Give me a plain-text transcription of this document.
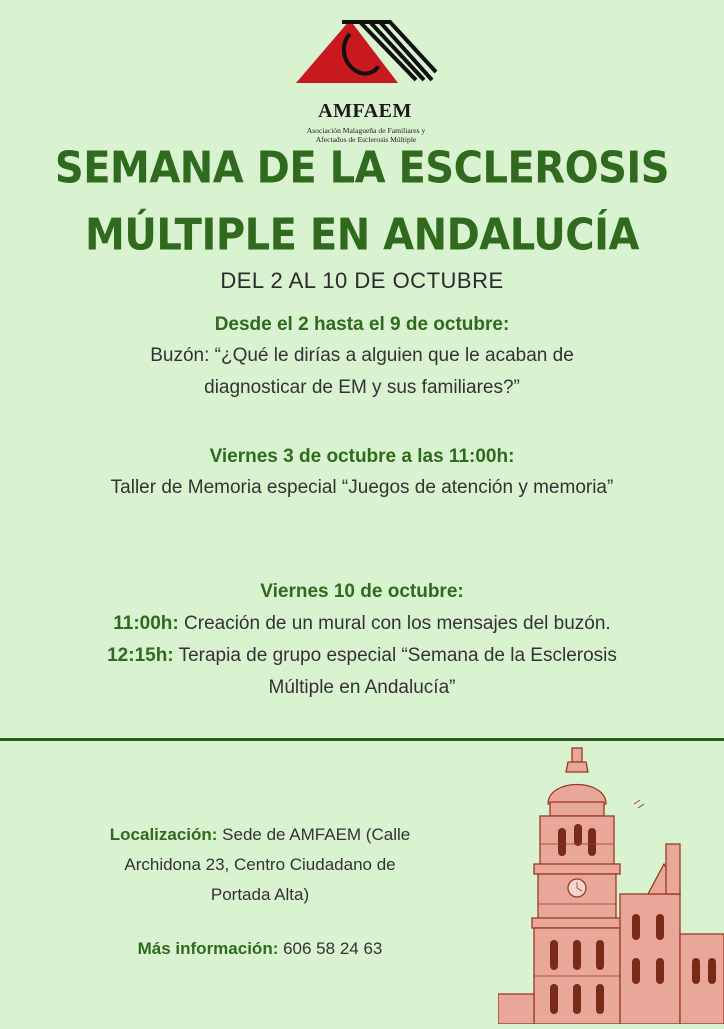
AMFAEM
Asociación Malagueña de Familiares y
Afectados de Esclerosis Múltiple
SEMANA DE LA ESCLEROSIS
MÚLTIPLE EN ANDALUCÍA
DEL 2 AL 10 DE OCTUBRE
Desde el 2 hasta el 9 de octubre:
Buzón: “¿Qué le dirías a alguien que le acaban de
diagnosticar de EM y sus familiares?”
Viernes 3 de octubre a las 11:00h:
Taller de Memoria especial “Juegos de atención y memoria”
Viernes 10 de octubre:
11:00h: Creación de un mural con los mensajes del buzón.
12:15h: Terapia de grupo especial “Semana de la Esclerosis
Múltiple en Andalucía”
Localización: Sede de AMFAEM (Calle
Archidona 23, Centro Ciudadano de
Portada Alta)
Más información: 606 58 24 63
